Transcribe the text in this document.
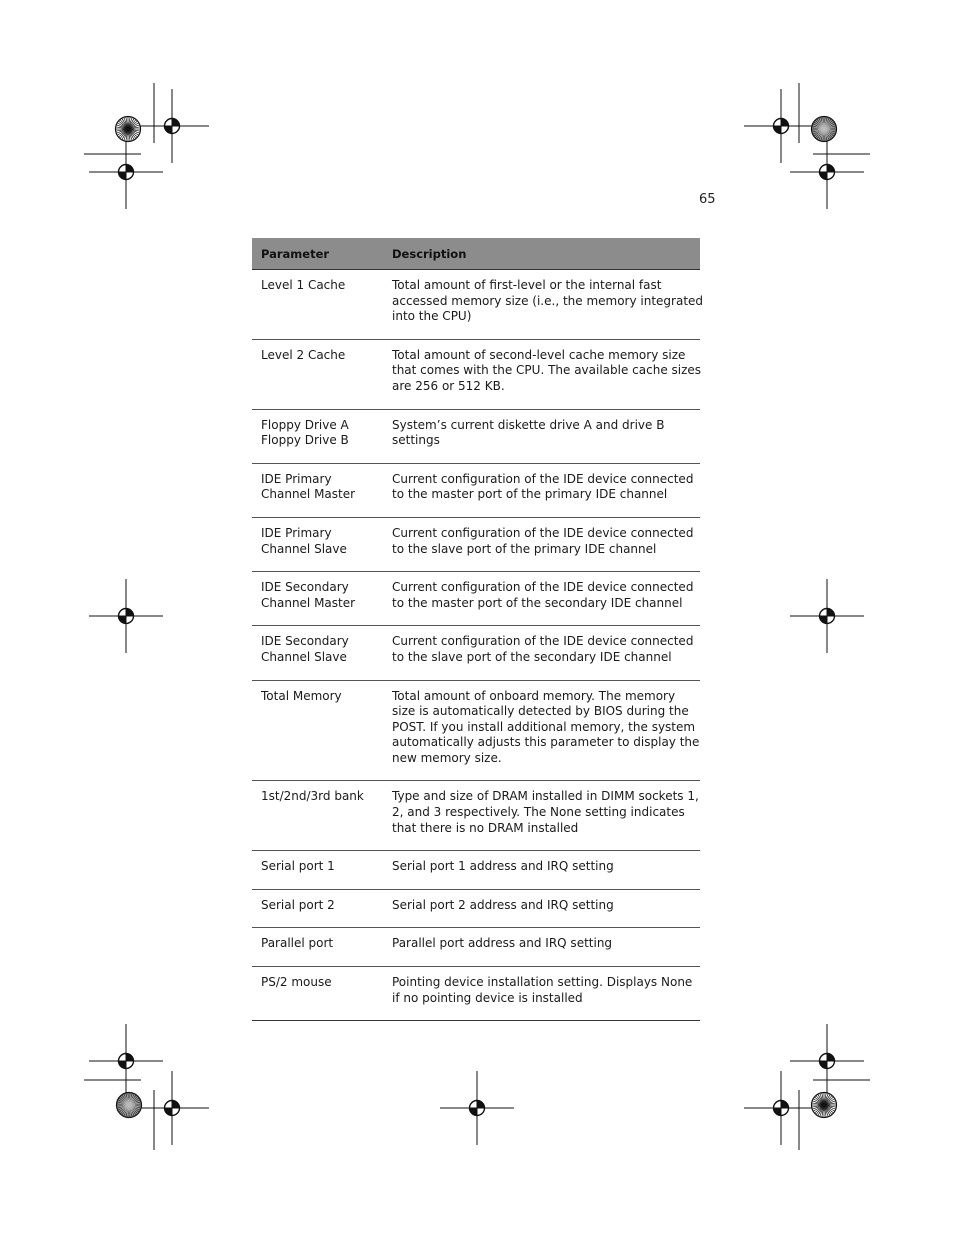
65
Parameter	Description

Level 1 Cache	Total amount of first-level or the internal fast
accessed memory size (i.e., the memory integrated
into the CPU)

Level 2 Cache	Total amount of second-level cache memory size
that comes with the CPU. The available cache sizes
are 256 or 512 KB.

Floppy Drive A
Floppy Drive B	System’s current diskette drive A and drive B
settings

IDE Primary
Channel Master	Current configuration of the IDE device connected
to the master port of the primary IDE channel

IDE Primary
Channel Slave	Current configuration of the IDE device connected
to the slave port of the primary IDE channel

IDE Secondary
Channel Master	Current configuration of the IDE device connected
to the master port of the secondary IDE channel

IDE Secondary
Channel Slave	Current configuration of the IDE device connected
to the slave port of the secondary IDE channel

Total Memory	Total amount of onboard memory. The memory
size is automatically detected by BIOS during the
POST. If you install additional memory, the system
automatically adjusts this parameter to display the
new memory size.

1st/2nd/3rd bank	Type and size of DRAM installed in DIMM sockets 1,
2, and 3 respectively. The None setting indicates
that there is no DRAM installed

Serial port 1	Serial port 1 address and IRQ setting

Serial port 2	Serial port 2 address and IRQ setting

Parallel port	Parallel port address and IRQ setting

PS/2 mouse	Pointing device installation setting. Displays None
if no pointing device is installed
